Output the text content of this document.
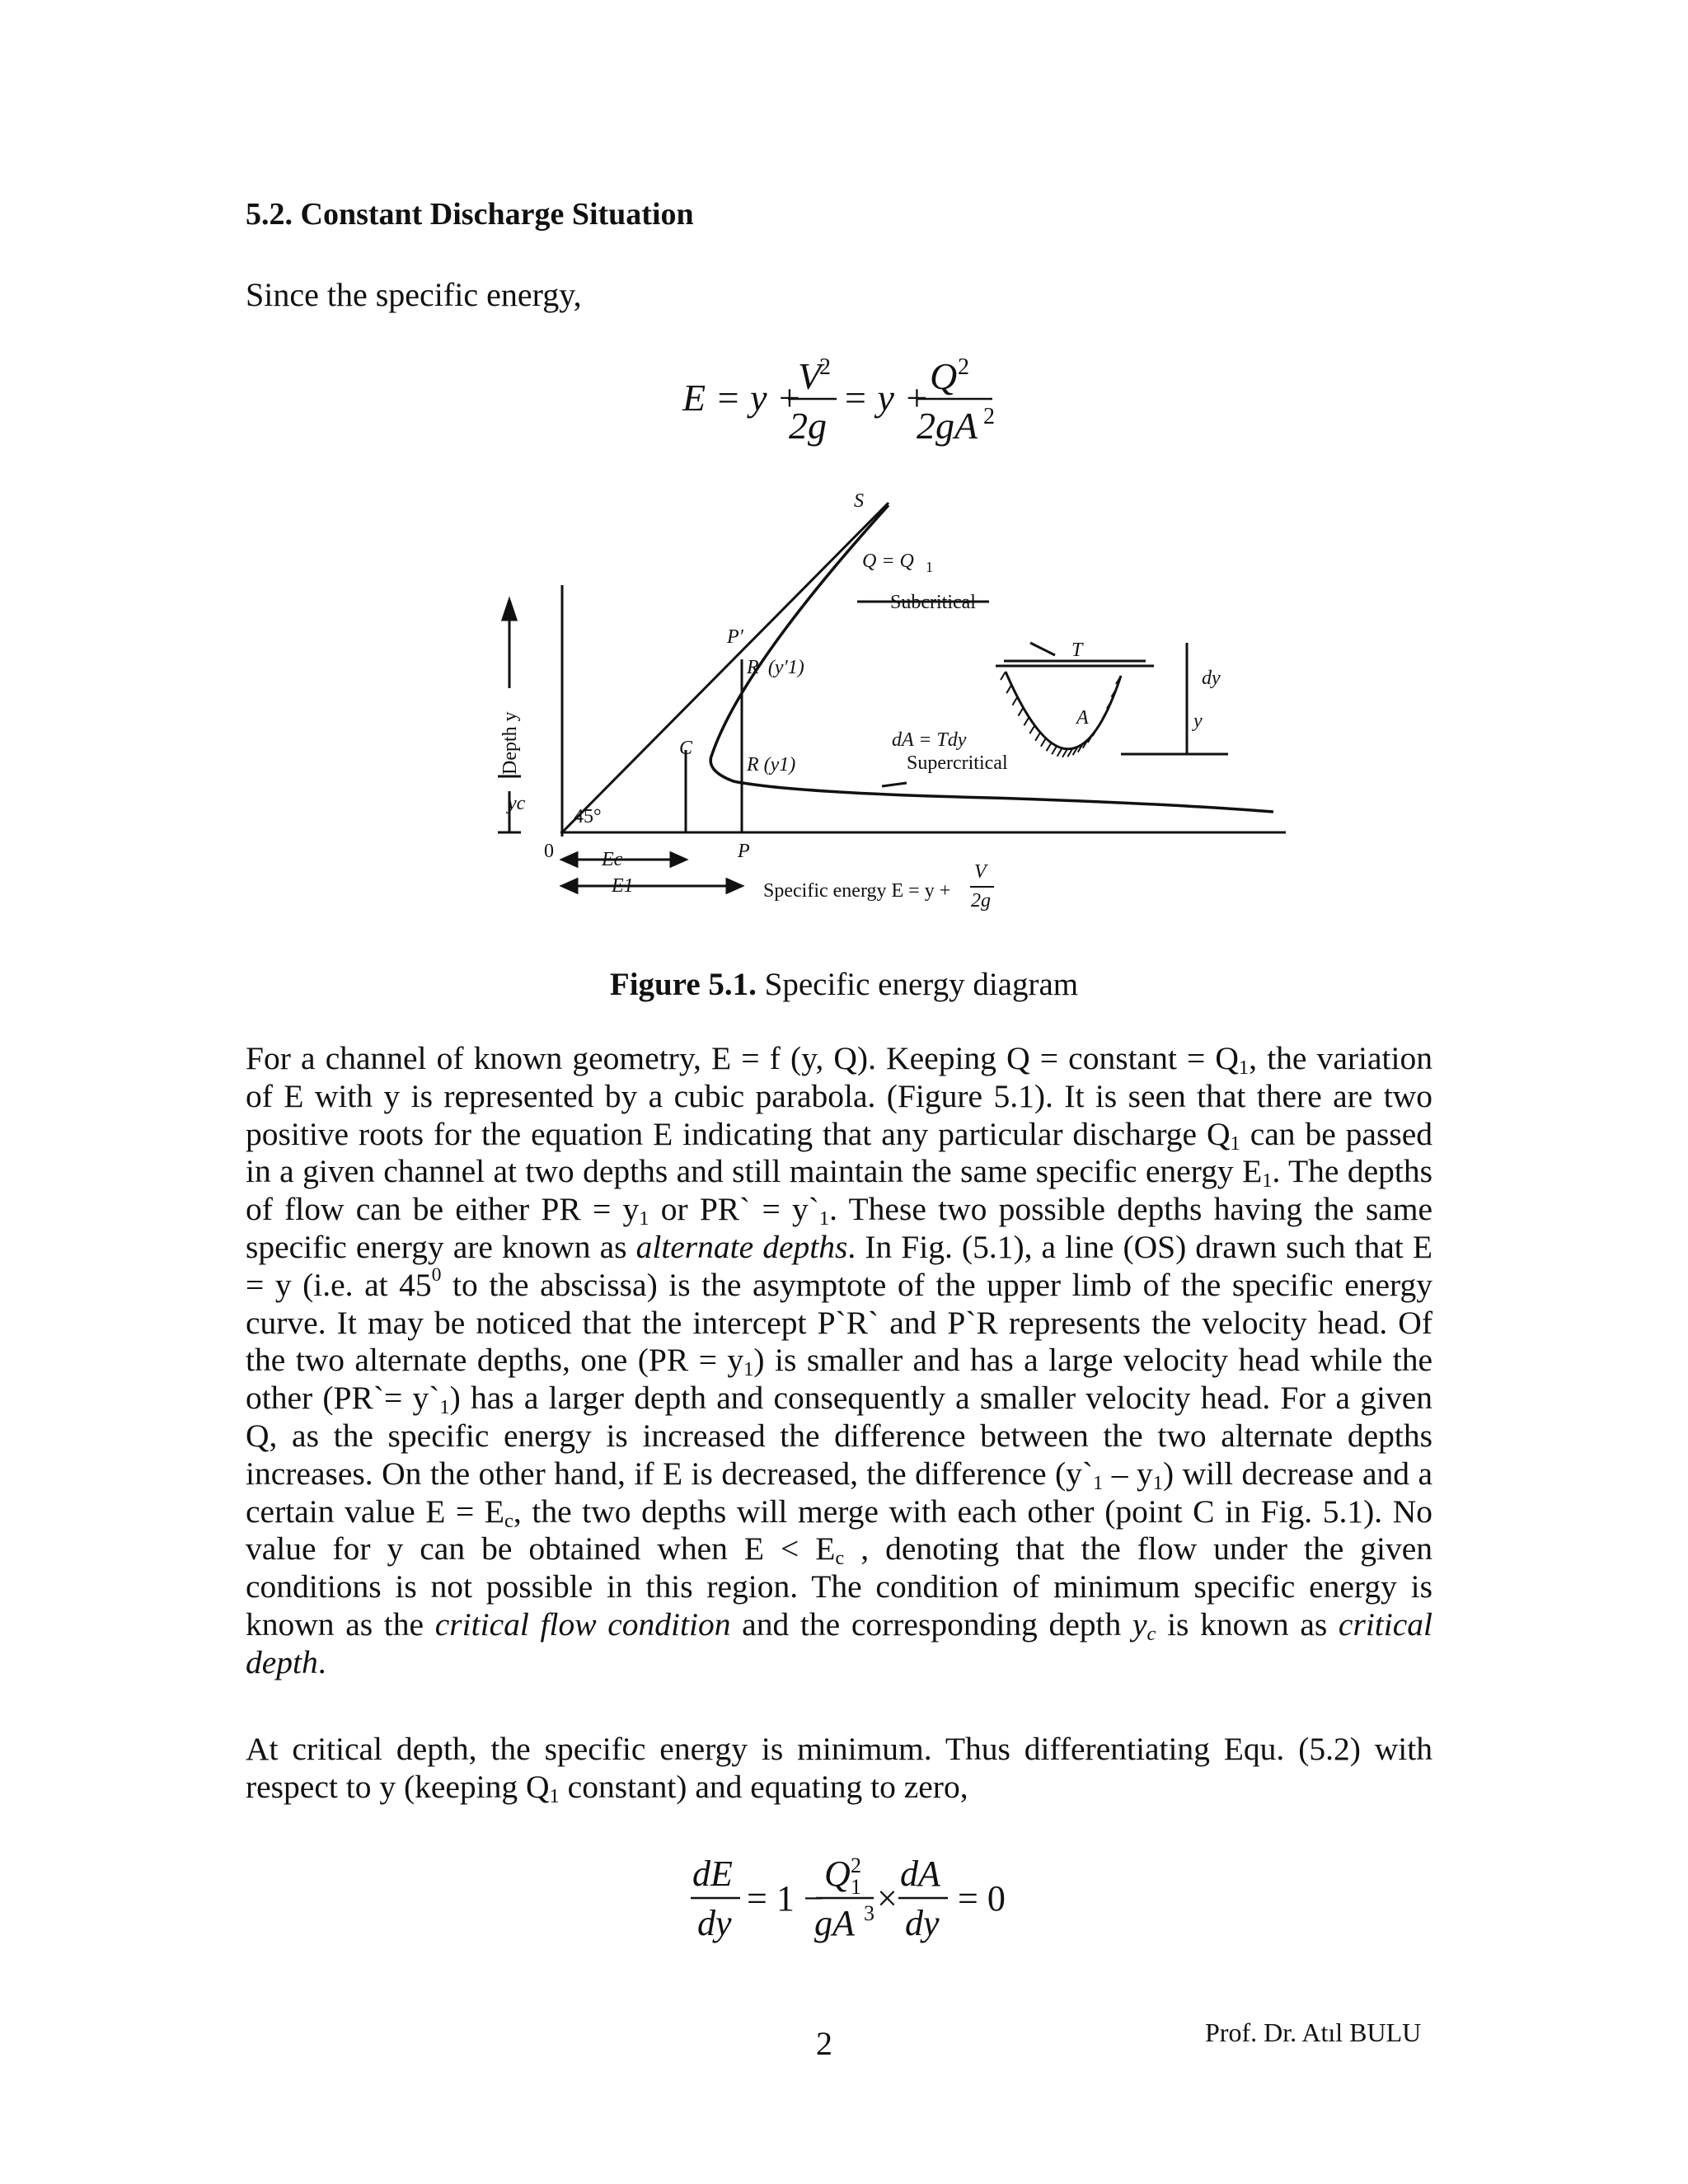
5.2. Constant Discharge Situation
Since the specific energy,
E = y +
V
2
2g
= y +
Q 2
2gA 2
S
Q = Q 1
Subcritical
P′
R′ (y′1)
R (y1)
C
P
dA = Tdy
Supercritical
T
A
dy
y
45°
0 Ec
E1	Specific energy E = y +
V
2g
yc
Depth y
Figure 5.1. Specific energy diagram
For a channel of known geometry, E = f (y, Q). Keeping Q = constant = $Q_1$, the variation of E with y is represented by a cubic parabola. (Figure 5.1). It is seen that there are two positive roots for the equation E indicating that any particular discharge $Q_1$ can be passed in a given channel at two depths and still maintain the same specific energy $E_1$. The depths of flow can be either PR = $y_1$ or PR` = $y`_1$. These two possible depths having the same specific energy are known as alternate depths. In Fig. (5.1), a line (OS) drawn such that E = y (i.e. at $45^0$ to the abscissa) is the asymptote of the upper limb of the specific energy curve. It may be noticed that the intercept P`R` and P`R represents the velocity head. Of the two alternate depths, one $(PR = y_1)$ is smaller and has a large velocity head while the other (PR`= $y`_1$) has a larger depth and consequently a smaller velocity head. For a given Q, as the specific energy is increased the difference between the two alternate depths increases. On the other hand, if E is decreased, the difference $(y`_1 - y_1)$ will decrease and a certain value $E = E_c$, the two depths will merge with each other (point C in Fig. 5.1). No value for y can be obtained when $E < E_c$ , denoting that the flow under the given conditions is not possible in this region. The condition of minimum specific energy is known as the critical flow condition and the corresponding depth $y_c$ is known as critical depth.
At critical depth, the specific energy is minimum. Thus differentiating Equ. (5.2) with respect to y (keeping $Q_1$ constant) and equating to zero,
dE
dy
= 1 −
Q 2
1
gA 3 ×
dA
dy
= 0
2	Prof. Dr. Atıl BULU
